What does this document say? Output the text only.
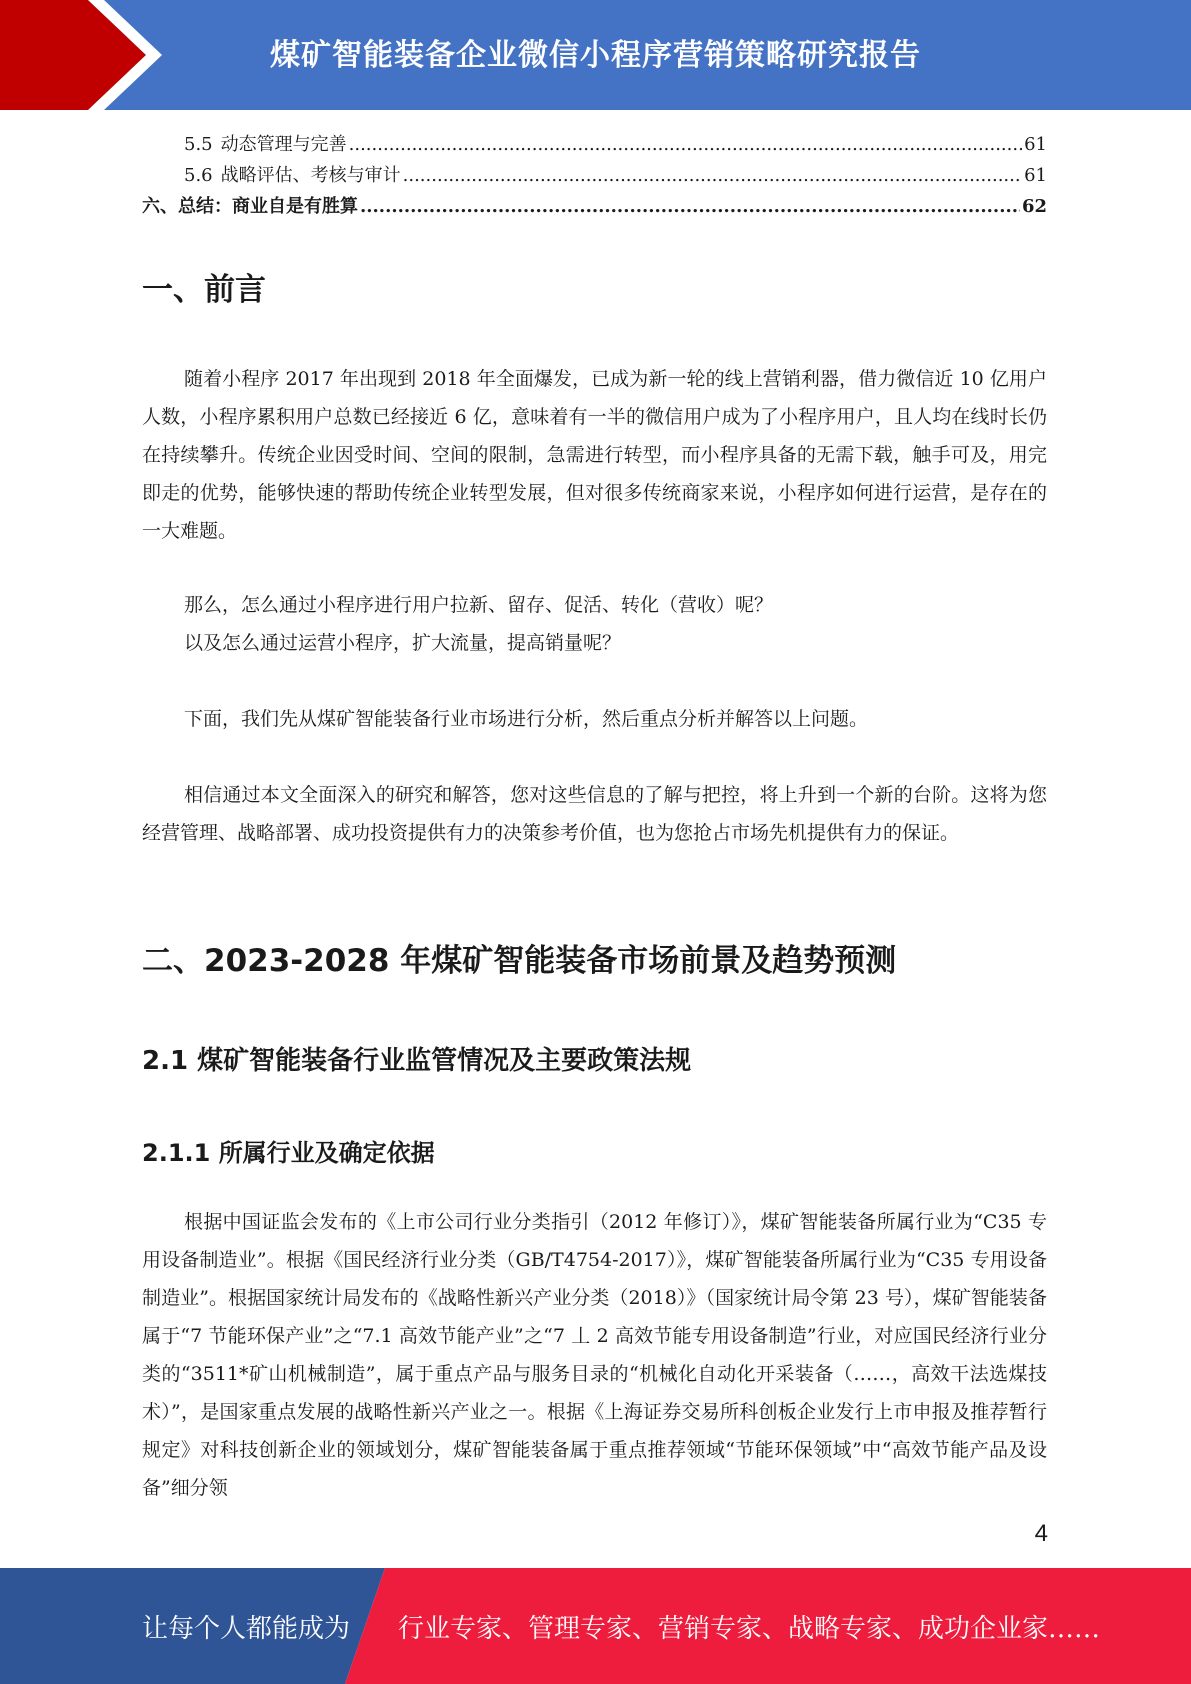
煤矿智能装备企业微信小程序营销策略研究报告
5.5 动态管理与完善 .....	61
5.6 战略评估、考核与审计 .....	61
六、 总结：商业自是有胜算 .....	62
一、前言
随着小程序 2017 年出现到 2018 年全面爆发，已成为新一轮的线上营销利器，借力微信近 10 亿用户人数，小程序累积用户总数已经接近 6 亿，意味着有一半的微信用户成为了小程序用户，且人均在线时长仍在持续攀升。传统企业因受时间、空间的限制，急需进行转型，而小程序具备的无需下载，触手可及，用完即走的优势，能够快速的帮助传统企业转型发展，但对很多传统商家来说，小程序如何进行运营，是存在的一大难题。
那么，怎么通过小程序进行用户拉新、留存、促活、转化（营收）呢？
以及怎么通过运营小程序，扩大流量，提高销量呢？
下面，我们先从煤矿智能装备行业市场进行分析，然后重点分析并解答以上问题。
相信通过本文全面深入的研究和解答，您对这些信息的了解与把控，将上升到一个新的台阶。这将为您经营管理、战略部署、成功投资提供有力的决策参考价值，也为您抢占市场先机提供有力的保证。
二、2023-2028 年煤矿智能装备市场前景及趋势预测
2.1 煤矿智能装备行业监管情况及主要政策法规
2.1.1 所属行业及确定依据
根据中国证监会发布的《上市公司行业分类指引（2012 年修订）》，煤矿智能装备所属行业为“C35 专用设备制造业”。根据《国民经济行业分类（GB/T4754-2017）》，煤矿智能装备所属行业为“C35 专用设备制造业”。根据国家统计局发布的《战略性新兴产业分类（2018）》（国家统计局令第 23 号），煤矿智能装备属于“7 节能环保产业”之“7.1 高效节能产业”之“7 丄 2 高效节能专用设备制造”行业，对应国民经济行业分类的“3511*矿山机械制造”，属于重点产品与服务目录的“机械化自动化开采装备（……，高效干法选煤技术）”，是国家重点发展的战略性新兴产业之一。根据《上海证券交易所科创板企业发行上市申报及推荐暂行规定》对科技创新企业的领域划分，煤矿智能装备属于重点推荐领域“节能环保领域”中“高效节能产品及设备”细分领
4
让每个人都能成为 行业专家、管理专家、营销专家、战略专家、成功企业家……
